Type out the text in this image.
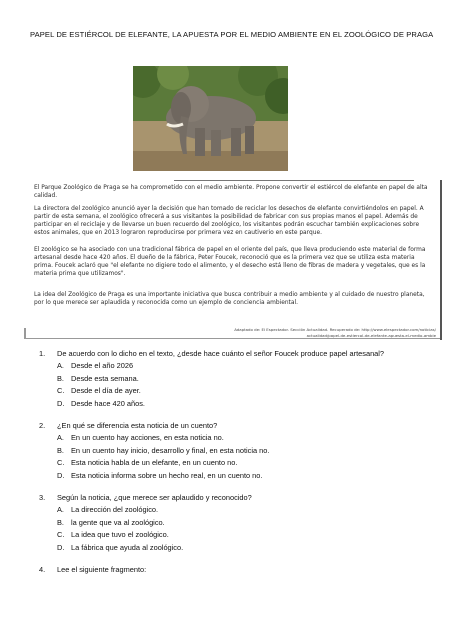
PAPEL DE ESTIÉRCOL DE ELEFANTE, LA APUESTA POR EL MEDIO AMBIENTE EN EL ZOOLÓGICO DE PRAGA
El Parque Zoológico de Praga se ha comprometido con el medio ambiente. Propone convertir el estiércol de elefante en papel de alta calidad.
La directora del zoológico anunció ayer la decisión que han tomado de reciclar los desechos de elefante convirtiéndolos en papel. A partir de esta semana, el zoológico ofrecerá a sus visitantes la posibilidad de fabricar con sus propias manos el papel. Además de participar en el reciclaje y de llevarse un buen recuerdo del zoológico, los visitantes podrán escuchar también explicaciones sobre estos animales, que en 2013 lograron reproducirse por primera vez en cautiverio en este parque.
El zoológico se ha asociado con una tradicional fábrica de papel en el oriente del país, que lleva produciendo este material de forma artesanal desde hace 420 años. El dueño de la fábrica, Peter Foucek, reconoció que es la primera vez que se utiliza esta materia prima. Foucek aclaró que "el elefante no digiere todo el alimento, y el desecho está lleno de fibras de madera y vegetales, que es la materia prima que utilizamos".
La idea del Zoológico de Praga es una importante iniciativa que busca contribuir a medio ambiente y al cuidado de nuestro planeta, por lo que merece ser aplaudida y reconocida como un ejemplo de conciencia ambiental.
Adaptado de: El Espectador. Sección Actualidad. Recuperado de: http://www.elespectador.com/noticias/
actualidad/papel-de-estiercol-de-elefante-apuesta-el-medio-ambie
1.	De acuerdo con lo dicho en el texto, ¿desde hace cuánto el señor Foucek produce papel artesanal?
A. Desde el año 2026
B. Desde esta semana.
C. Desde el día de ayer.
D. Desde hace 420 años.
2.	¿En qué se diferencia esta noticia de un cuento?
A. En un cuento hay acciones, en esta noticia no.
B. En un cuento hay inicio, desarrollo y final, en esta noticia no.
C. Esta noticia habla de un elefante, en un cuento no.
D. Esta noticia informa sobre un hecho real, en un cuento no.
3.	Según la noticia, ¿que merece ser aplaudido y reconocido?
A. La dirección del zoológico.
B. la gente que va al zoológico.
C. La idea que tuvo el zoológico.
D. La fábrica que ayuda al zoológico.
4.	Lee el siguiente fragmento:
